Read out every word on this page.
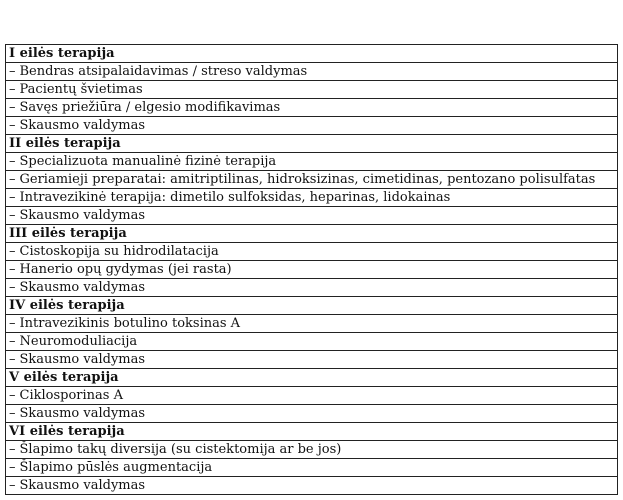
I eilės terapija
– Bendras atsipalaidavimas / streso valdymas
– Pacientų švietimas
– Savęs priežiūra / elgesio modifikavimas
– Skausmo valdymas
II eilės terapija
– Specializuota manualinė fizinė terapija
– Geriamieji preparatai: amitriptilinas, hidroksizinas, cimetidinas, pentozano polisulfatas
– Intravezikinė terapija: dimetilo sulfoksidas, heparinas, lidokainas
– Skausmo valdymas
III eilės terapija
– Cistoskopija su hidrodilatacija
– Hanerio opų gydymas (jei rasta)
– Skausmo valdymas
IV eilės terapija
– Intravezikinis botulino toksinas A
– Neuromoduliacija
– Skausmo valdymas
V eilės terapija
– Ciklosporinas A
– Skausmo valdymas
VI eilės terapija
– Šlapimo takų diversija (su cistektomija ar be jos)
– Šlapimo pūslės augmentacija
– Skausmo valdymas
